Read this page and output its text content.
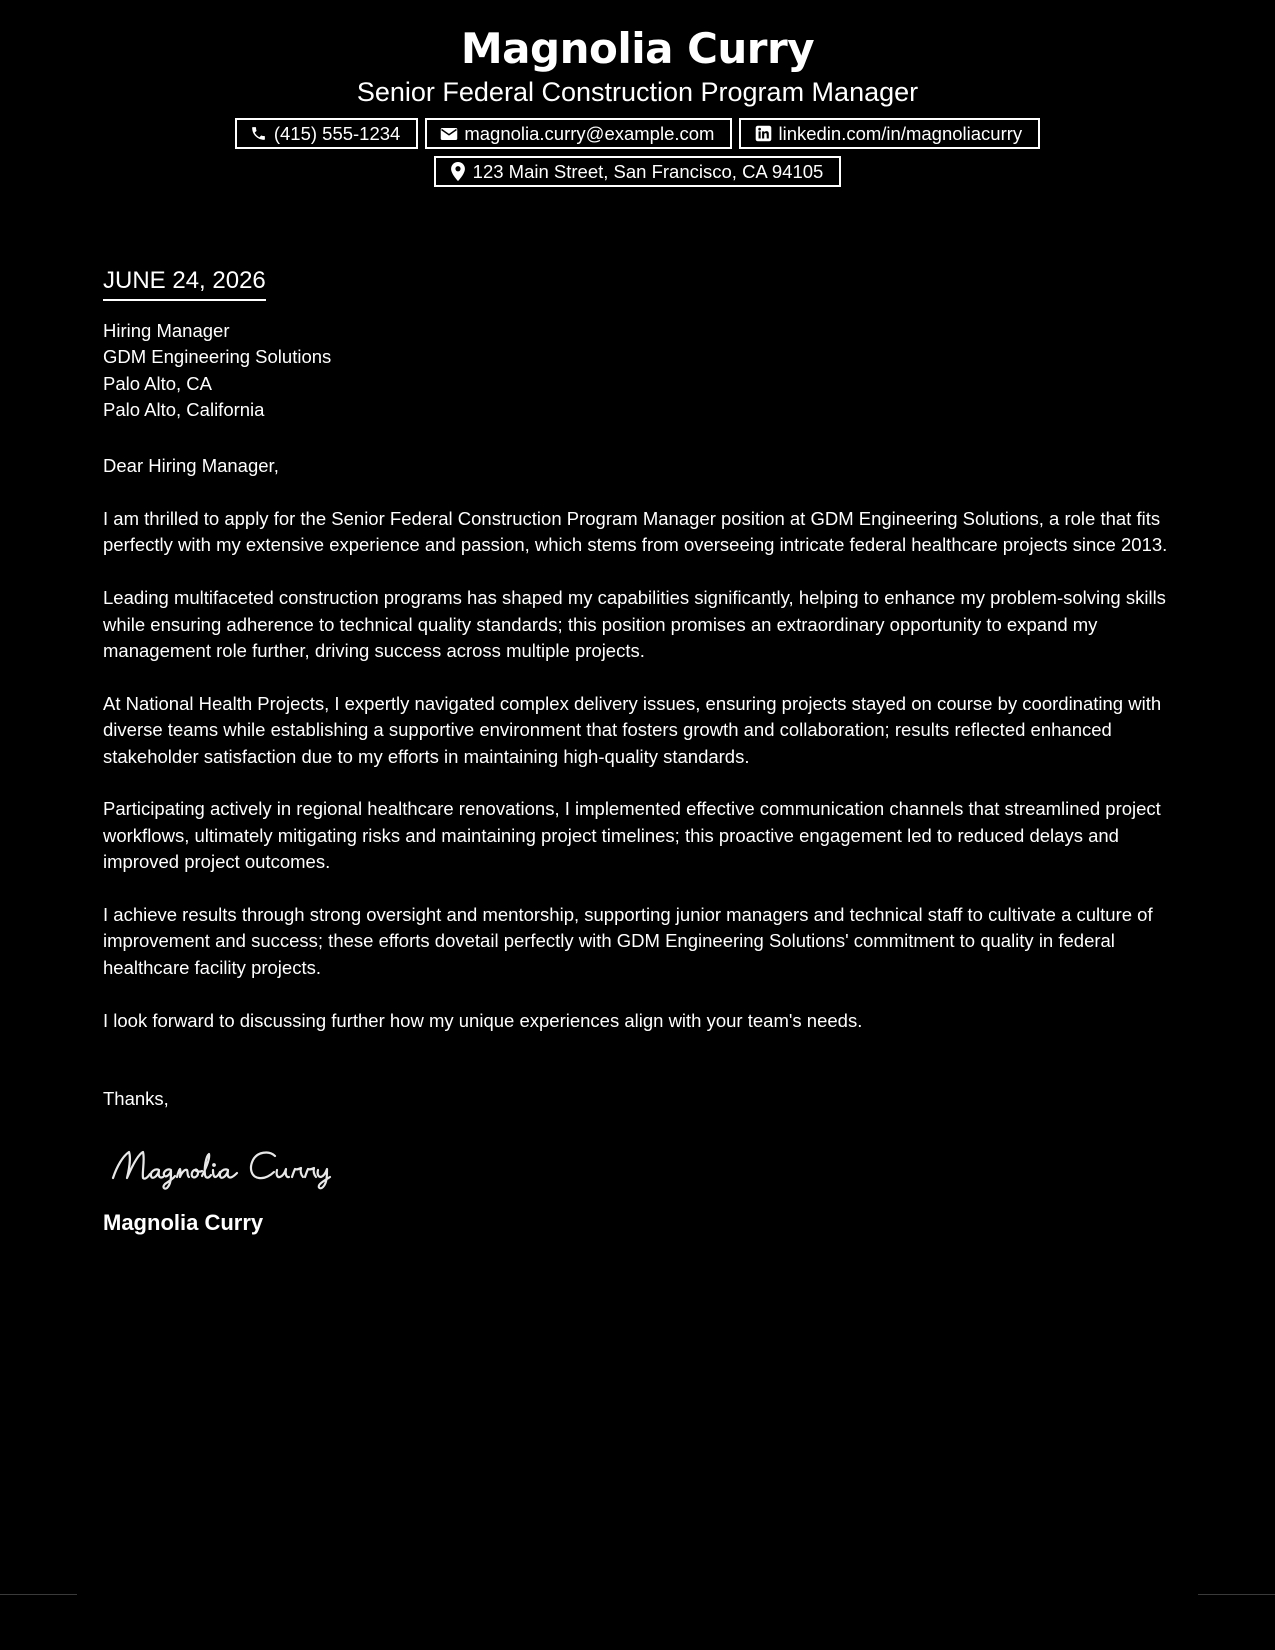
Magnolia Curry
Senior Federal Construction Program Manager
(415) 555-1234	magnolia.curry@example.com	linkedin.com/in/magnoliacurry
123 Main Street, San Francisco, CA 94105
JUNE 24, 2026
Hiring Manager
GDM Engineering Solutions
Palo Alto, CA
Palo Alto, California
Dear Hiring Manager,
I am thrilled to apply for the Senior Federal Construction Program Manager position at GDM Engineering Solutions, a role that fits perfectly with my extensive experience and passion, which stems from overseeing intricate federal healthcare projects since 2013.
Leading multifaceted construction programs has shaped my capabilities significantly, helping to enhance my problem-solving skills while ensuring adherence to technical quality standards; this position promises an extraordinary opportunity to expand my management role further, driving success across multiple projects.
At National Health Projects, I expertly navigated complex delivery issues, ensuring projects stayed on course by coordinating with diverse teams while establishing a supportive environment that fosters growth and collaboration; results reflected enhanced stakeholder satisfaction due to my efforts in maintaining high-quality standards.
Participating actively in regional healthcare renovations, I implemented effective communication channels that streamlined project workflows, ultimately mitigating risks and maintaining project timelines; this proactive engagement led to reduced delays and improved project outcomes.
I achieve results through strong oversight and mentorship, supporting junior managers and technical staff to cultivate a culture of improvement and success; these efforts dovetail perfectly with GDM Engineering Solutions' commitment to quality in federal healthcare facility projects.
I look forward to discussing further how my unique experiences align with your team's needs.
Thanks,
Magnolia Curry
